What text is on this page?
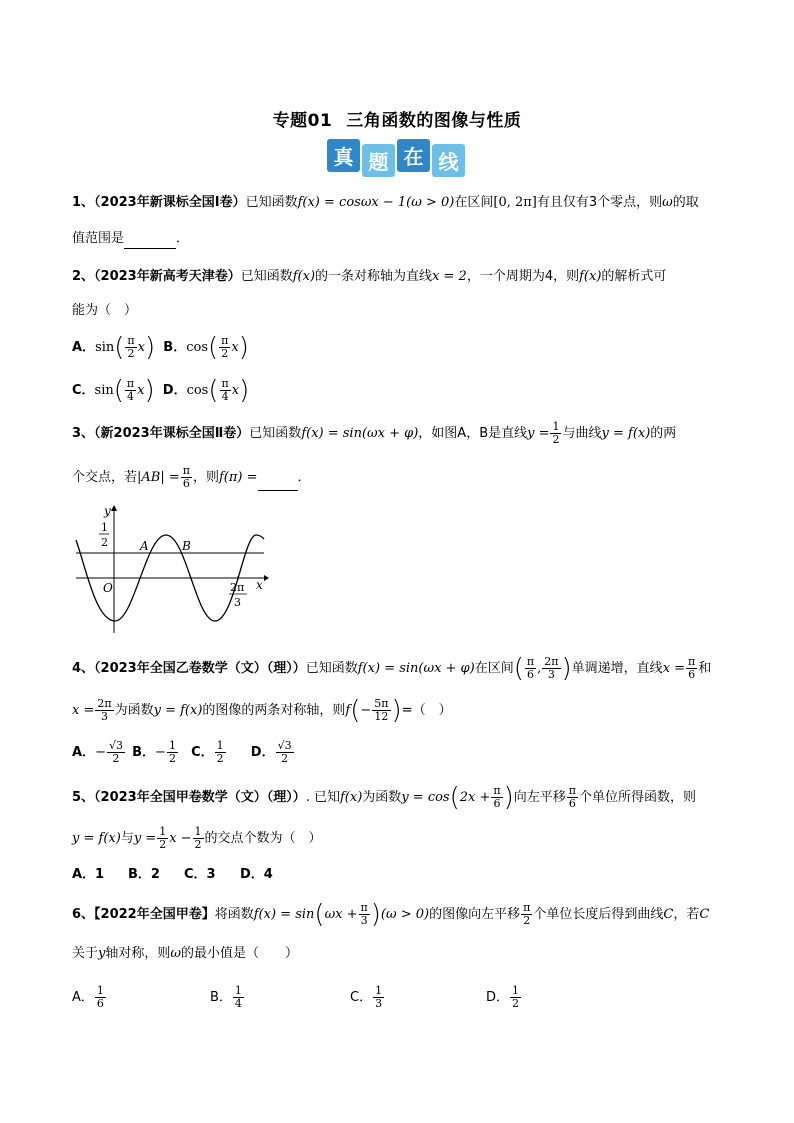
专题01 三角函数的图像与性质
真 题 在 线
1、（2023年新课标全国Ⅰ卷）已知函数f(x) = cosωx − 1(ω > 0)在区间[0, 2π]有且仅有3个零点，则ω的取
值范围是	．
2、（2023年新高考天津卷）已知函数f(x)的一条对称轴为直线x = 2，一个周期为4，则f(x)的解析式可
能为（　）
A．$\sin( \frac{\pi}{2} x)$ B．$\cos( \frac{\pi}{2} x)$
C．$\sin( \frac{\pi}{4} x)$ D．$\cos( \frac{\pi}{4} x)$
3、（新2023年课标全国Ⅱ卷）已知函数f(x) = sin(ωx + φ)，如图A，B是直线$y = \frac{1}{2}$ 与曲线y = f(x)的两
个交点，若$|AB| = \frac{\pi}{6}$ ，则f(π) =	．
y
x
O
1
2	A	B
2π
3
4、（2023年全国乙卷数学（文）（理））已知函数f(x) = sin(ωx + φ)在区间( $\frac{\pi}{6}$ , $\frac{2\pi}{3}$ )单调递增，直线$x = \frac{\pi}{6}$ 和
$x = \frac{2\pi}{3}$ 为函数y = f(x)的图像的两条对称轴，则$f(- \frac{5\pi}{12}$ )=（　）
A．− $\frac{√3}{2}$ B．− $\frac{1}{2}$ C． $\frac{1}{2}$ D． $\frac{√3}{2}$
5、（2023年全国甲卷数学（文）（理））. 已知f(x)为函数$y = \cos(2x + \frac{\pi}{6}$ )向左平移 $\frac{\pi}{6}$ 个单位所得函数，则
y = f(x)与$y = \frac{1}{2}$ $x - \frac{1}{2}$ 的交点个数为（　）
A．1 B．2 C．3 D．4
6、【2022年全国甲卷】将函数$f(x) = \sin(\omega x + \frac{\pi}{3} )(\omega > 0)$的图像向左平移 $\frac{\pi}{2}$ 个单位长度后得到曲线C，若C
关于y轴对称，则ω的最小值是（　　）
A． $\frac{1}{6}$	B． $\frac{1}{4}$	C． $\frac{1}{3}$	D． $\frac{1}{2}$
